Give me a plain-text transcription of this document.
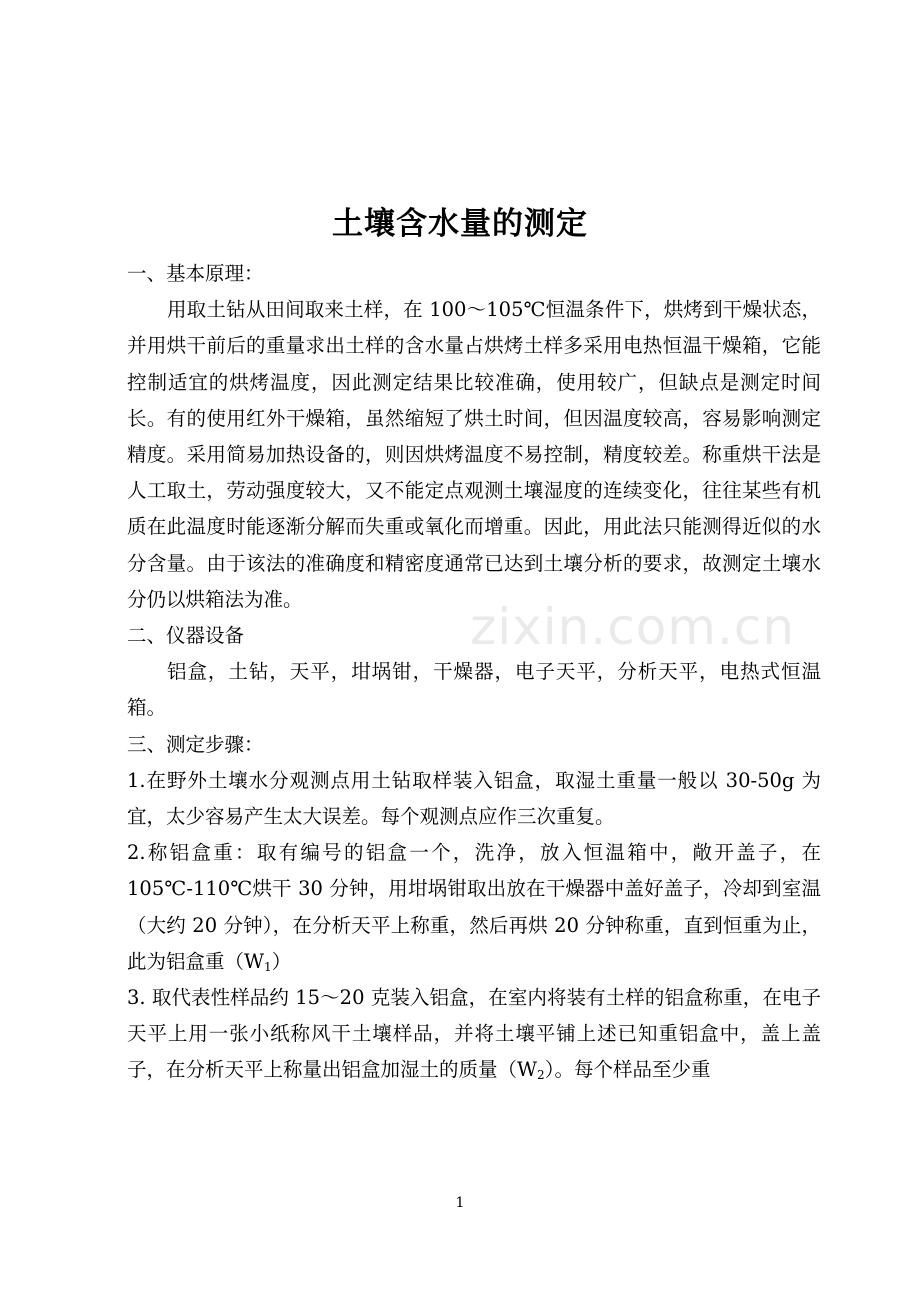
zixin.com.cn
土壤含水量的测定

一、基本原理：

用取土钻从田间取来土样，在 100～105℃恒温条件下，烘烤到干燥状态，并用烘干前后的重量求出土样的含水量占烘烤土样多采用电热恒温干燥箱，它能控制适宜的烘烤温度，因此测定结果比较准确，使用较广，但缺点是测定时间长。有的使用红外干燥箱，虽然缩短了烘土时间，但因温度较高，容易影响测定精度。采用简易加热设备的，则因烘烤温度不易控制，精度较差。称重烘干法是人工取土，劳动强度较大，又不能定点观测土壤湿度的连续变化，往往某些有机质在此温度时能逐渐分解而失重或氧化而增重。因此，用此法只能测得近似的水分含量。由于该法的准确度和精密度通常已达到土壤分析的要求，故测定土壤水分仍以烘箱法为准。

二、仪器设备

铝盒，土钻，天平，坩埚钳，干燥器，电子天平，分析天平，电热式恒温箱。

三、测定步骤：

1.在野外土壤水分观测点用土钻取样装入铝盒，取湿土重量一般以 30-50g 为宜，太少容易产生太大误差。每个观测点应作三次重复。

2.称铝盒重：取有编号的铝盒一个，洗净，放入恒温箱中，敞开盖子，在 105℃-110℃烘干 30 分钟，用坩埚钳取出放在干燥器中盖好盖子，冷却到室温（大约 20 分钟），在分析天平上称重，然后再烘 20 分钟称重，直到恒重为止，此为铝盒重$(W_1)$

3. 取代表性样品约 15～20 克装入铝盒，在室内将装有土样的铝盒称重，在电子天平上用一张小纸称风干土壤样品，并将土壤平铺上述已知重铝盒中，盖上盖子，在分析天平上称量出铝盒加湿土的质量$(W_2)$。每个样品至少重

1
